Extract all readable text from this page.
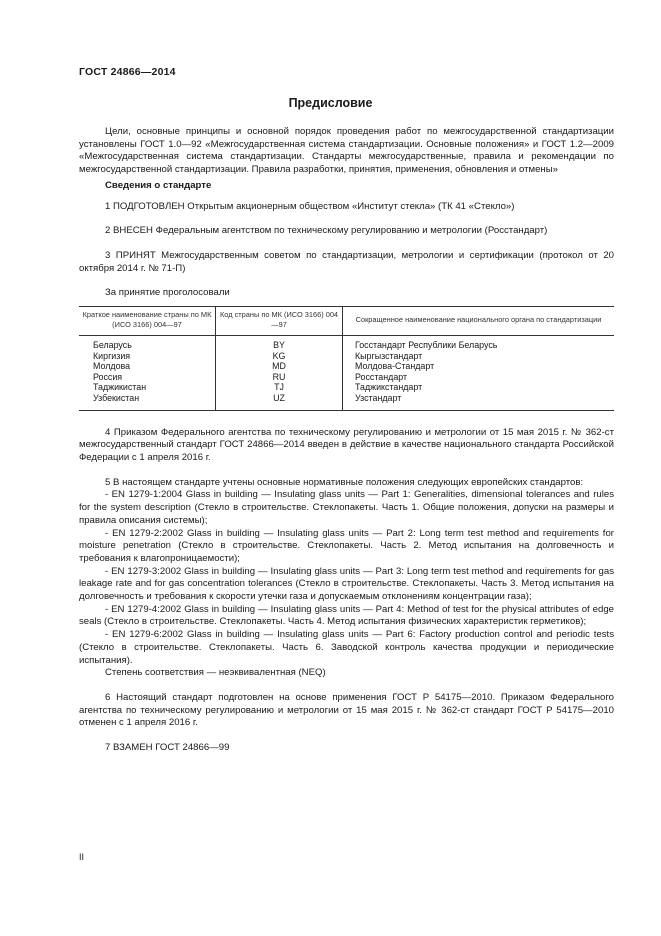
ГОСТ 24866—2014
Предисловие

Цели, основные принципы и основной порядок проведения работ по межгосударственной стандартизации установлены ГОСТ 1.0—92 «Межгосударственная система стандартизации. Основные положения» и ГОСТ 1.2—2009 «Межгосударственная система стандартизации. Стандарты межгосударственные, правила и рекомендации по межгосударственной стандартизации. Правила разработки, принятия, применения, обновления и отмены»

Сведения о стандарте

1 ПОДГОТОВЛЕН Открытым акционерным обществом «Институт стекла» (ТК 41 «Стекло»)

2 ВНЕСЕН Федеральным агентством по техническому регулированию и метрологии (Росстандарт)

3 ПРИНЯТ Межгосударственным советом по стандартизации, метрологии и сертификации (протокол от 20 октября 2014 г. № 71-П)

За принятие проголосовали

Краткое наименование страны по МК (ИСО 3166) 004—97	Код страны по МК (ИСО 3166) 004—97	Сокращенное наименование национального органа по стандартизации
Беларусь	BY	Госстандарт Республики Беларусь
Киргизия	KG	Кыргызстандарт
Молдова	MD	Молдова-Стандарт
Россия	RU	Росстандарт
Таджикистан	TJ	Таджикстандарт
Узбекистан	UZ	Узстандарт

4 Приказом Федерального агентства по техническому регулированию и метрологии от 15 мая 2015 г. № 362-ст межгосударственный стандарт ГОСТ 24866—2014 введен в действие в качестве национального стандарта Российской Федерации с 1 апреля 2016 г.

5 В настоящем стандарте учтены основные нормативные положения следующих европейских стандартов:

- EN 1279-1:2004 Glass in building — Insulating glass units — Part 1: Generalities, dimensional tolerances and rules for the system description (Стекло в строительстве. Стеклопакеты. Часть 1. Общие положения, допуски на размеры и правила описания системы);

- EN 1279-2:2002 Glass in building — Insulating glass units — Part 2: Long term test method and requirements for moisture penetration (Стекло в строительстве. Стеклопакеты. Часть 2. Метод испытания на долговечность и требования к влагопроницаемости);

- EN 1279-3:2002 Glass in building — Insulating glass units — Part 3: Long term test method and requirements for gas leakage rate and for gas concentration tolerances (Стекло в строительстве. Стеклопакеты. Часть 3. Метод испытания на долговечность и требования к скорости утечки газа и допускаемым отклонениям концентрации газа);

- EN 1279-4:2002 Glass in building — Insulating glass units — Part 4: Method of test for the physical attributes of edge seals (Стекло в строительстве. Стеклопакеты. Часть 4. Метод испытания физических характеристик герметиков);

- EN 1279-6:2002 Glass in building — Insulating glass units — Part 6: Factory production control and periodic tests (Стекло в строительстве. Стеклопакеты. Часть 6. Заводской контроль качества продукции и периодические испытания).

Степень соответствия — неэквивалентная (NEQ)

6 Настоящий стандарт подготовлен на основе применения ГОСТ Р 54175—2010. Приказом Федерального агентства по техническому регулированию и метрологии от 15 мая 2015 г. № 362-ст стандарт ГОСТ Р 54175—2010 отменен с 1 апреля 2016 г.

7 ВЗАМЕН ГОСТ 24866—99

II
